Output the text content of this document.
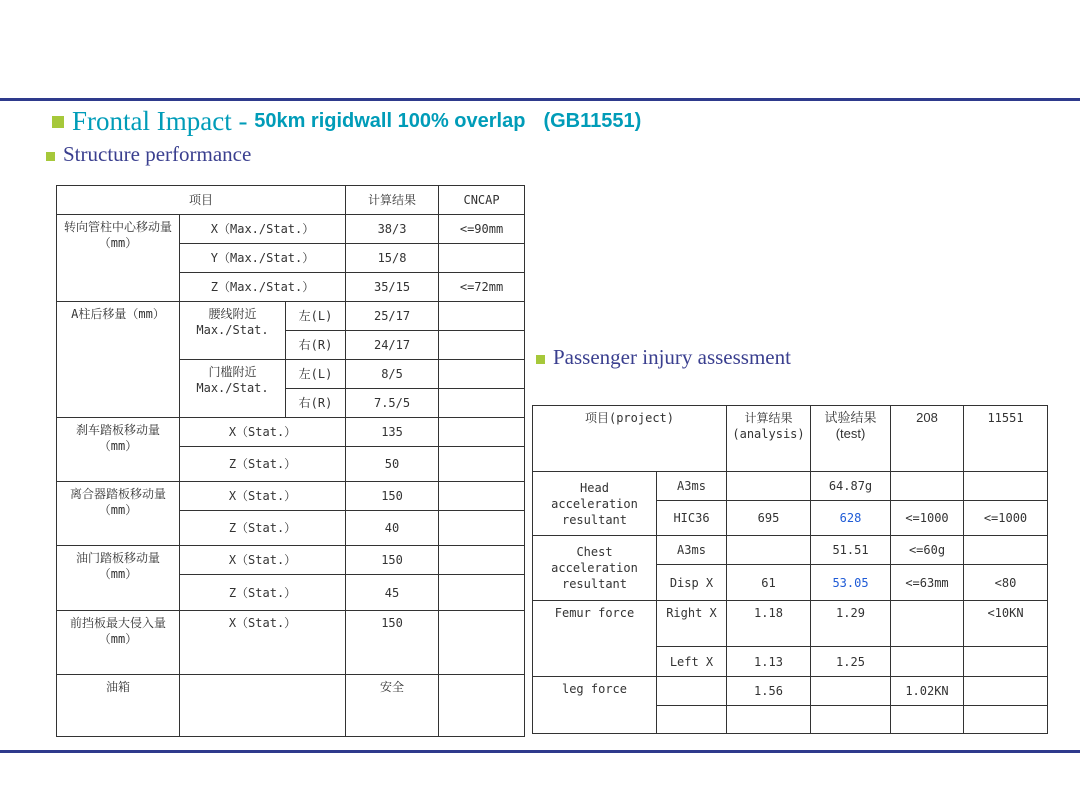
Frontal Impact - 50km rigidwall 100% overlap (GB11551)
Structure performance
Passenger injury assessment
项目			计算结果	CNCAP
转向管柱中心移动量（mm）	X（Max./Stat.）		38/3	<=90mm
	Y（Max./Stat.）		15/8	
	Z（Max./Stat.）		35/15	<=72mm
A柱后移量（mm）	腰线附近 Max./Stat.	左(L)	25/17	
		右(R)	24/17	
	门槛附近 Max./Stat.	左(L)	8/5	
		右(R)	7.5/5	
刹车踏板移动量（mm）	X（Stat.）		135	
	Z（Stat.）		50	
离合器踏板移动量（mm）	X（Stat.）		150	
	Z（Stat.）		40	
油门踏板移动量（mm）	X（Stat.）		150	
	Z（Stat.）		45	
前挡板最大侵入量（mm）	X（Stat.）		150	
油箱			安全	
项目(project)		计算结果(analysis)	试验结果(test)	208	11551
Head acceleration resultant	A3ms		64.87g		
	HIC36	695	628	<=1000	<=1000
Chest acceleration resultant	A3ms		51.51	<=60g	
	Disp X	61	53.05	<=63mm	<80
Femur force	Right X	1.18	1.29		<10KN
	Left X	1.13	1.25		
leg force		1.56		1.02KN	
